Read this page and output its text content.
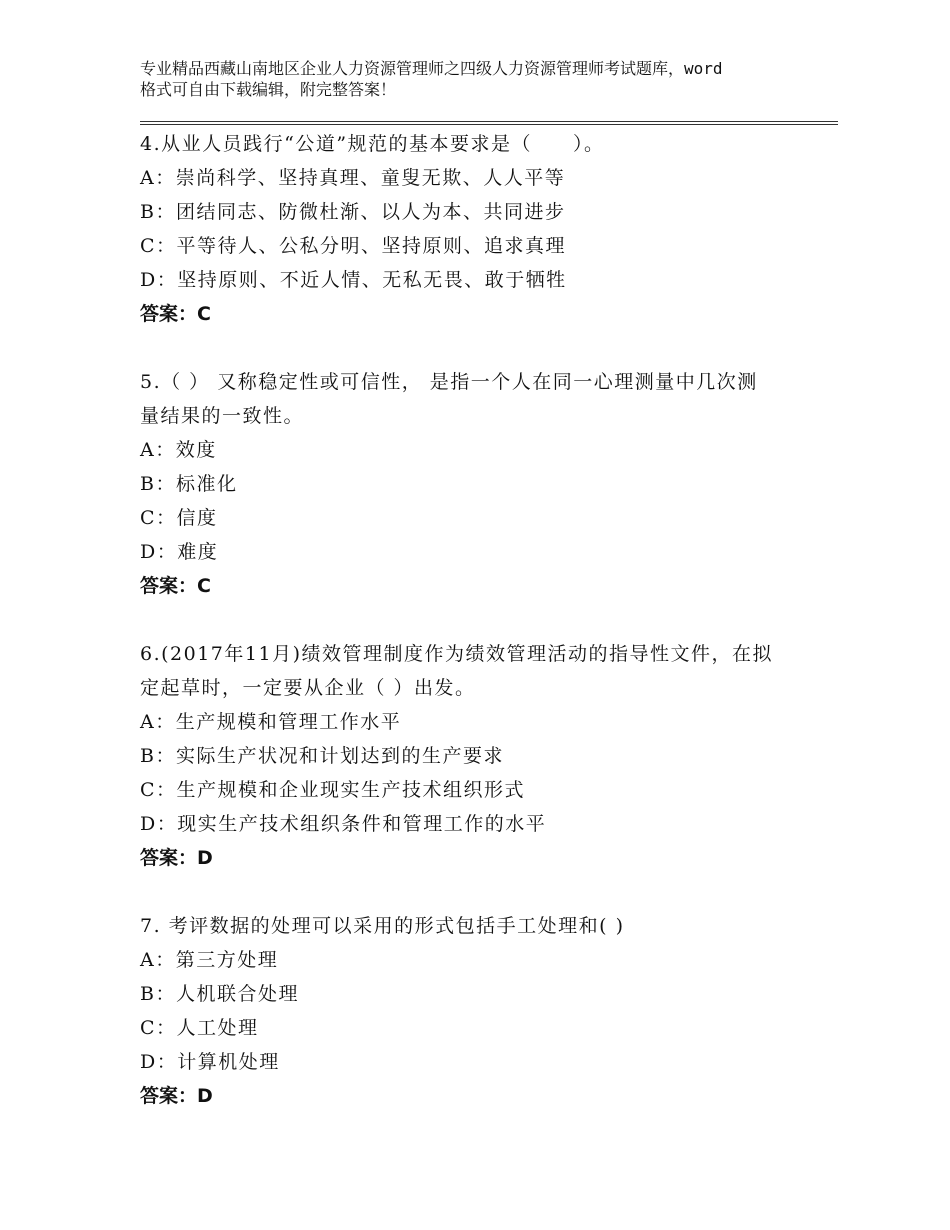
专业精品西藏山南地区企业人力资源管理师之四级人力资源管理师考试题库，word
格式可自由下载编辑，附完整答案！
4.从业人员践行“公道”规范的基本要求是（　　）。
A：崇尚科学、坚持真理、童叟无欺、人人平等
B：团结同志、防微杜渐、以人为本、共同进步
C：平等待人、公私分明、坚持原则、追求真理
D：坚持原则、不近人情、无私无畏、敢于牺牲
答案：C
5.（ ） 又称稳定性或可信性， 是指一个人在同一心理测量中几次测
量结果的一致性。
A：效度
B：标准化
C：信度
D：难度
答案：C
6.(2017年11月)绩效管理制度作为绩效管理活动的指导性文件，在拟
定起草时，一定要从企业（ ）出发。
A：生产规模和管理工作水平
B：实际生产状况和计划达到的生产要求
C：生产规模和企业现实生产技术组织形式
D：现实生产技术组织条件和管理工作的水平
答案：D
7. 考评数据的处理可以采用的形式包括手工处理和( )
A：第三方处理
B：人机联合处理
C：人工处理
D：计算机处理
答案：D
